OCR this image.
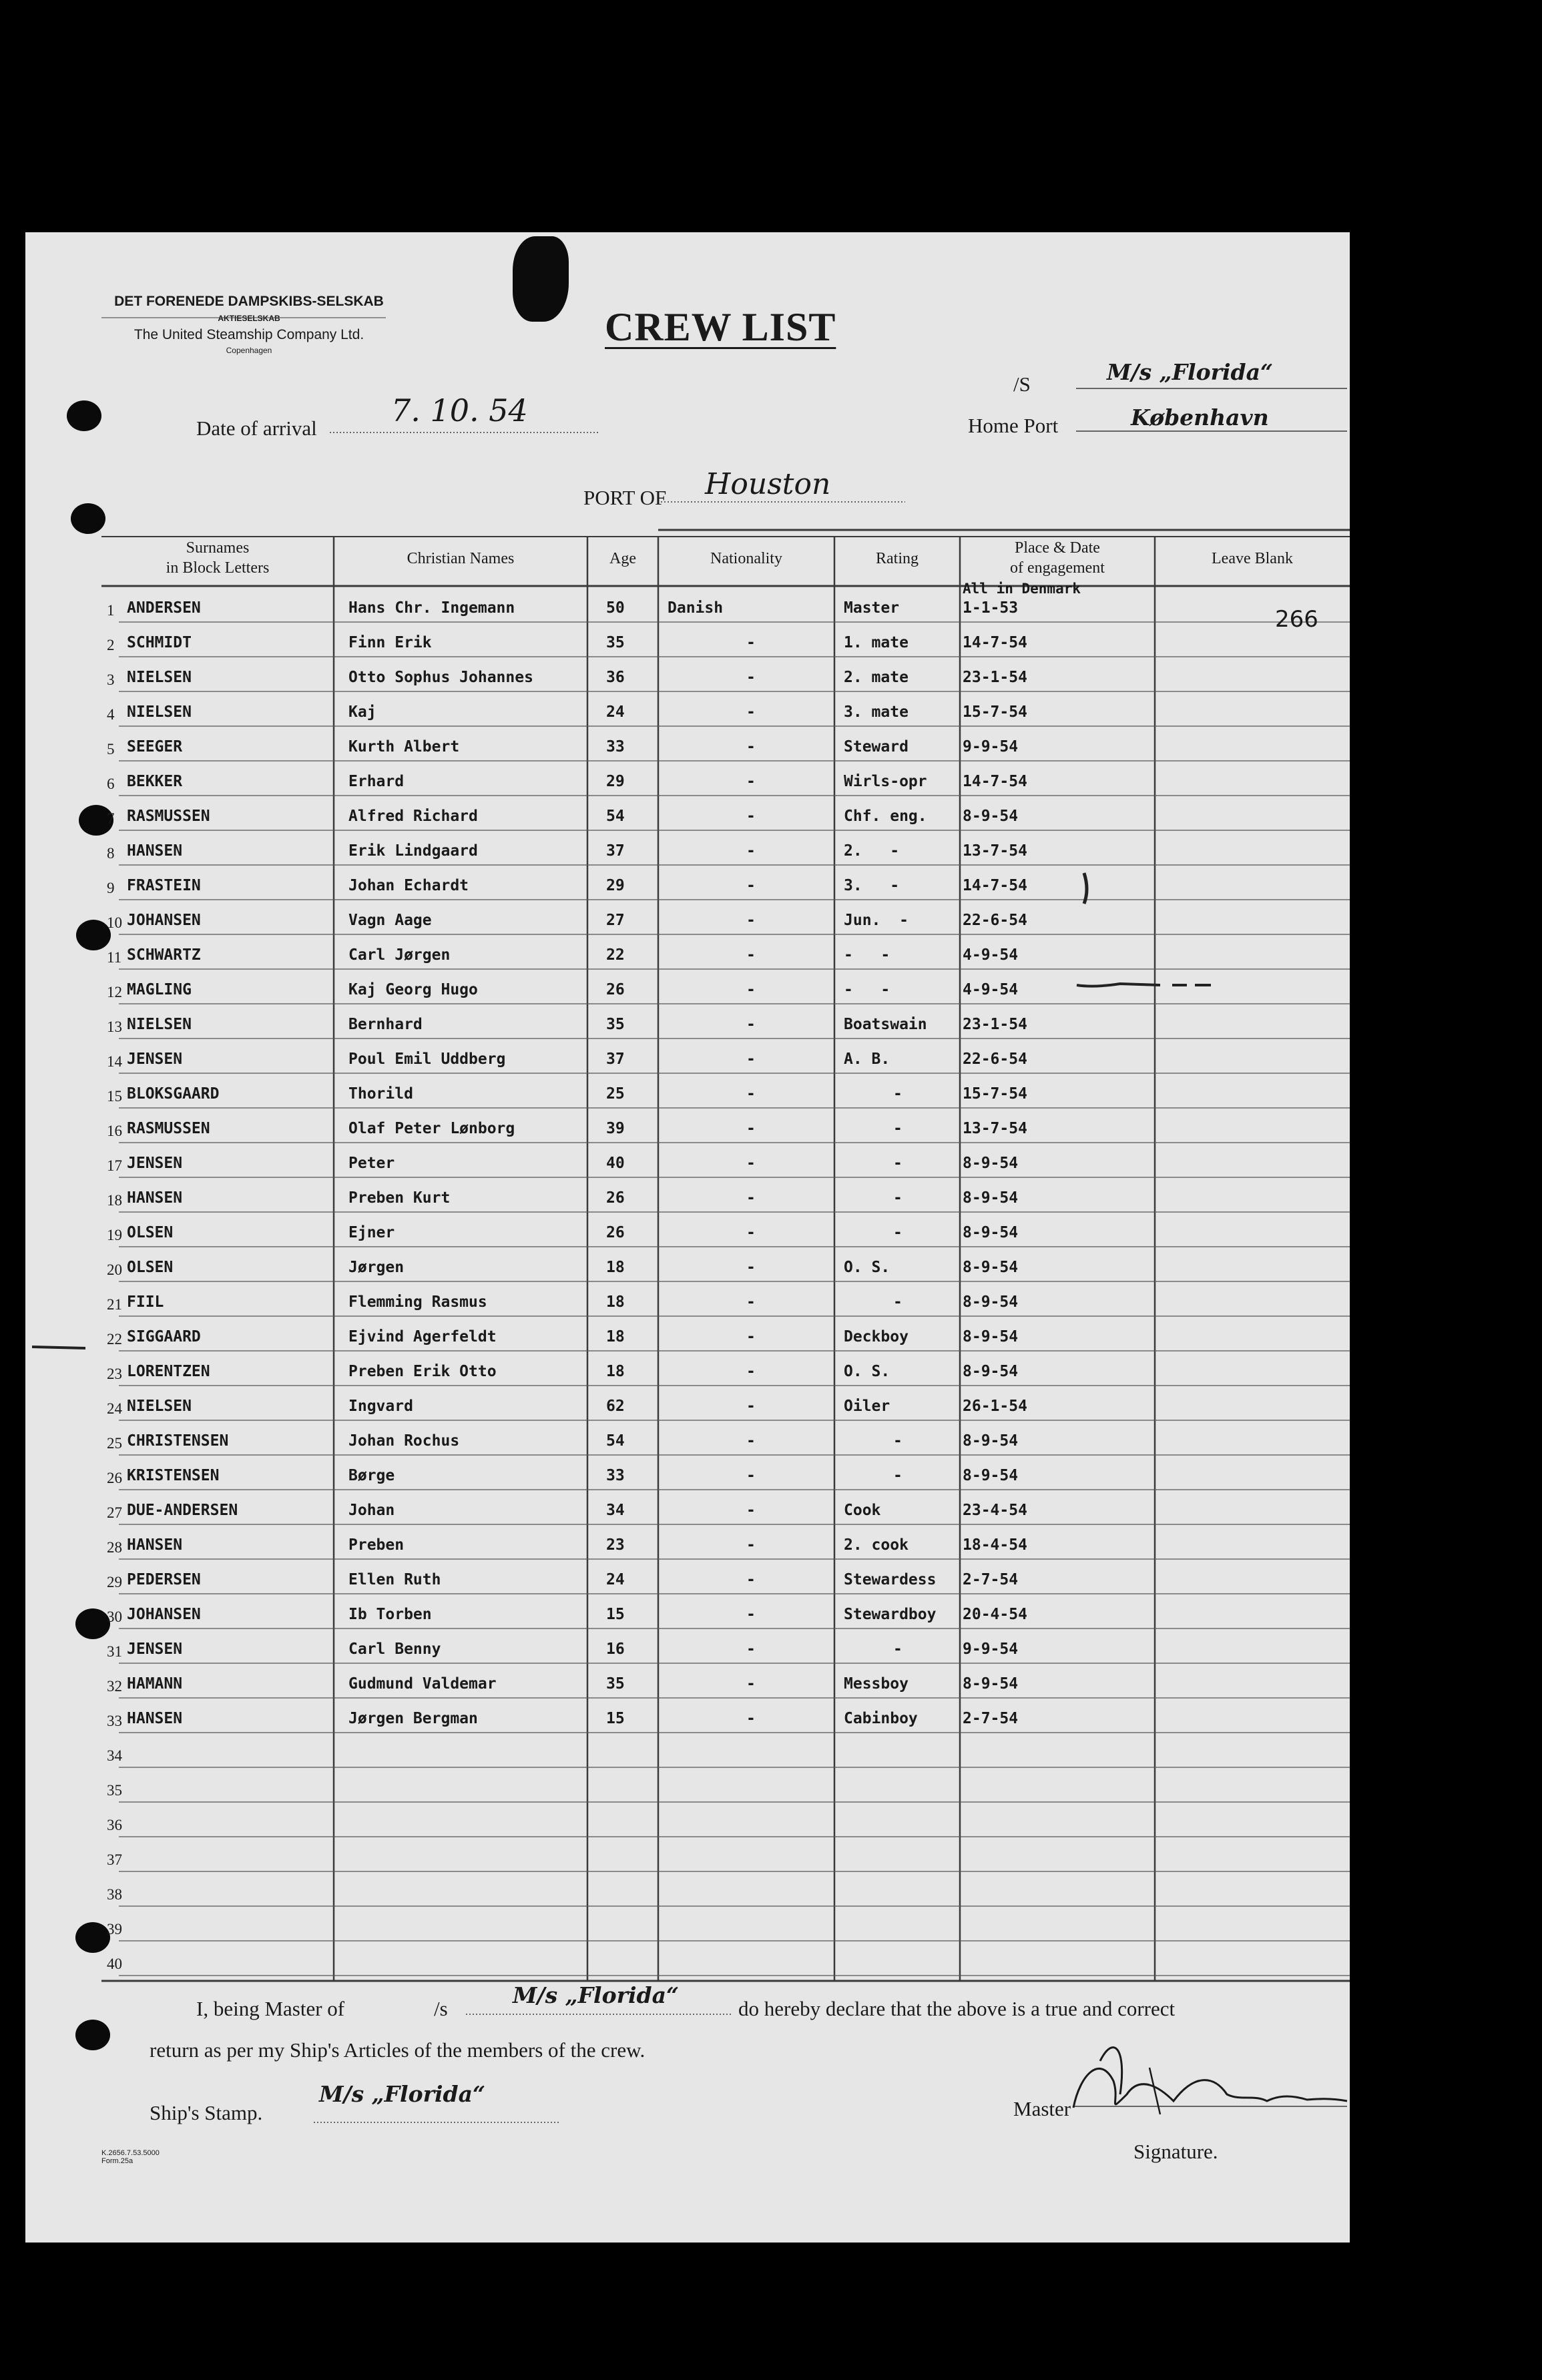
DET FORENEDE DAMPSKIBS-SELSKAB
AKTIESELSKAB
The United Steamship Company Ltd.
Copenhagen
CREW LIST
/S	M/s „Florida“
Home Port	København
Date of arrival 7. 10. 54
PORT OF Houston
Surnames
in Block Letters
Christian Names	Age	Nationality	Rating
Place & Date
of engagement
Leave Blank
All in Denmark
266
1 ANDERSEN	Hans Chr. Ingemann	50	Danish	Master	1-1-53
2 SCHMIDT	Finn Erik	35	-	1. mate	14-7-54
3 NIELSEN	Otto Sophus Johannes	36	-	2. mate	23-1-54
4 NIELSEN	Kaj	24	-	3. mate	15-7-54
5 SEEGER	Kurth Albert	33	-	Steward	9-9-54
6 BEKKER	Erhard	29	-	Wirls-opr 14-7-54
7 RASMUSSEN	Alfred Richard	54	-	Chf. eng. 8-9-54
8 HANSEN	Erik Lindgaard	37	-	2.   -	13-7-54
9 FRASTEIN	Johan Echardt	29	-	3.   -	14-7-54
10 JOHANSEN	Vagn Aage	27	-	Jun.  -	22-6-54
11 SCHWARTZ	Carl Jørgen	22	-	-   -	4-9-54
12 MAGLING	Kaj Georg Hugo	26	-	-   -	4-9-54
13 NIELSEN	Bernhard	35	-	Boatswain 23-1-54
14 JENSEN	Poul Emil Uddberg	37	-	A. B.	22-6-54
15 BLOKSGAARD	Thorild	25	-	-	15-7-54
16 RASMUSSEN	Olaf Peter Lønborg	39	-	-	13-7-54
17 JENSEN	Peter	40	-	-	8-9-54
18 HANSEN	Preben Kurt	26	-	-	8-9-54
19 OLSEN	Ejner	26	-	-	8-9-54
20 OLSEN	Jørgen	18	-	O. S.	8-9-54
21 FIIL	Flemming Rasmus	18	-	-	8-9-54
22 SIGGAARD	Ejvind Agerfeldt	18	-	Deckboy	8-9-54
23 LORENTZEN	Preben Erik Otto	18	-	O. S.	8-9-54
24 NIELSEN	Ingvard	62	-	Oiler	26-1-54
25 CHRISTENSEN	Johan Rochus	54	-	-	8-9-54
26 KRISTENSEN	Børge	33	-	-	8-9-54
27 DUE-ANDERSEN	Johan	34	-	Cook	23-4-54
28 HANSEN	Preben	23	-	2. cook	18-4-54
29 PEDERSEN	Ellen Ruth	24	-	Stewardess 2-7-54
30 JOHANSEN	Ib Torben	15	-	Stewardboy 20-4-54
31 JENSEN	Carl Benny	16	-	-	9-9-54
32 HAMANN	Gudmund Valdemar	35	-	Messboy	8-9-54
33 HANSEN	Jørgen Bergman	15	-	Cabinboy	2-7-54
34
35
36
37
38
39
40
I, being Master of	/s
M/s „Florida“
do hereby declare that the above is a true and correct
return as per my Ship's Articles of the members of the crew.
Ship's Stamp.
M/s „Florida“
Master
Signature.
K.2656.7.53.5000
Form.25a
